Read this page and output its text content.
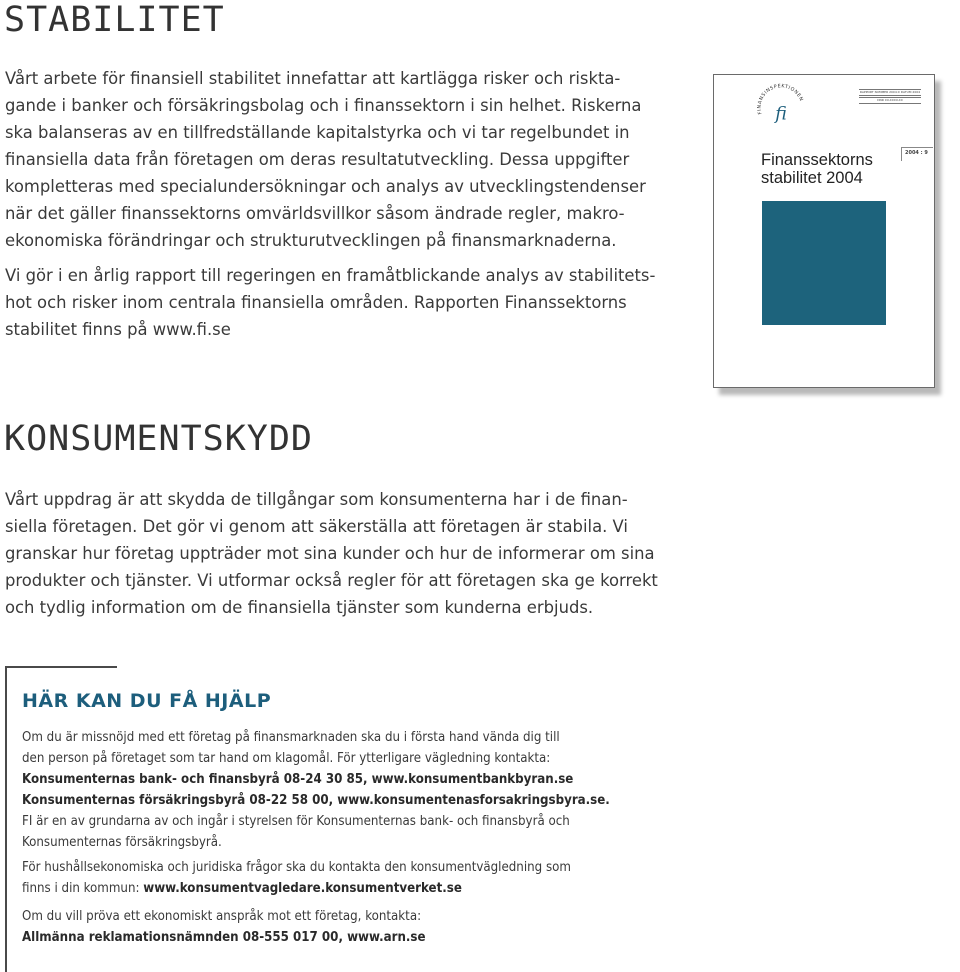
STABILITET

Vårt arbete för finansiell stabilitet innefattar att kartlägga risker och riskta-
gande i banker och försäkringsbolag och i finanssektorn i sin helhet. Riskerna
ska balanseras av en tillfredställande kapitalstyrka och vi tar regelbundet in
finansiella data från företagen om deras resultatutveckling. Dessa uppgifter
kompletteras med specialundersökningar och analys av utvecklingstendenser
när det gäller finanssektorns omvärldsvillkor såsom ändrade regler, makro-
ekonomiska förändringar och strukturutvecklingen på finansmarknaderna.

Vi gör i en årlig rapport till regeringen en framåtblickande analys av stabilitets-
hot och risker inom centrala finansiella områden. Rapporten Finanssektorns
stabilitet finns på www.fi.se

FINANSINSPEKTIONEN
fi
RAPPORT NUMMER 2004:X DATUM 2004
DNR XX-XXXX-XX
Finanssektorns
stabilitet 2004
2004 : 9
KONSUMENTSKYDD

Vårt uppdrag är att skydda de tillgångar som konsumenterna har i de finan-
siella företagen. Det gör vi genom att säkerställa att företagen är stabila. Vi
granskar hur företag uppträder mot sina kunder och hur de informerar om sina
produkter och tjänster. Vi utformar också regler för att företagen ska ge korrekt
och tydlig information om de finansiella tjänster som kunderna erbjuds.

HÄR KAN DU FÅ HJÄLP

Om du är missnöjd med ett företag på finansmarknaden ska du i första hand vända dig till
den person på företaget som tar hand om klagomål. För ytterligare vägledning kontakta:
Konsumenternas bank- och finansbyrå 08-24 30 85, www.konsumentbankbyran.se
Konsumenternas försäkringsbyrå 08-22 58 00, www.konsumentenasforsakringsbyra.se.
FI är en av grundarna av och ingår i styrelsen för Konsumenternas bank- och finansbyrå och
Konsumenternas försäkringsbyrå.

För hushållsekonomiska och juridiska frågor ska du kontakta den konsumentvägledning som
finns i din kommun: www.konsumentvagledare.konsumentverket.se

Om du vill pröva ett ekonomiskt anspråk mot ett företag, kontakta:
Allmänna reklamationsnämnden 08-555 017 00, www.arn.se
